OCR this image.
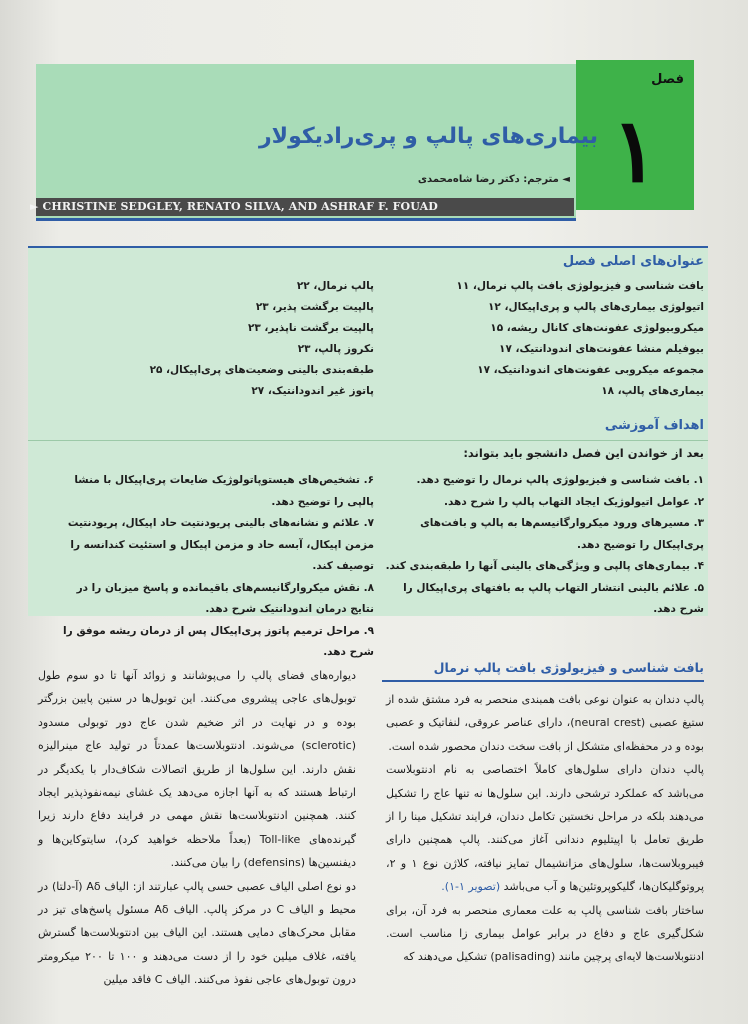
فصل
۱
بیماری‌های پالپ و پری‌رادیکولار
◄ مترجم: دکتر رضا شاه‌محمدی
► CHRISTINE SEDGLEY, RENATO SILVA, AND ASHRAF F. FOUAD
عنوان‌های اصلی فصل
بافت شناسی و فیزیولوژی بافت پالپ نرمال، ۱۱
اتیولوژی بیماری‌های پالپ و پری‌اپیکال، ۱۲
میکروبیولوژی عفونت‌های کانال ریشه، ۱۵
بیوفیلم منشا عفونت‌های اندودانتیک، ۱۷
مجموعه میکروبی عفونت‌های اندودانتیک، ۱۷
بیماری‌های پالپ، ۱۸
پالپ نرمال، ۲۲
پالپیت برگشت پذیر، ۲۳
پالپیت برگشت ناپذیر، ۲۳
نکروز پالپ، ۲۳
طبقه‌بندی بالینی وضعیت‌های پری‌اپیکال، ۲۵
پاتوز غیر اندودانتیک، ۲۷
اهداف آموزشی
بعد از خواندن این فصل دانشجو باید بتواند:

۱. بافت شناسی و فیزیولوژی پالپ نرمال را توضیح دهد.

۲. عوامل اتیولوژیک ایجاد التهاب پالپ را شرح دهد.

۳. مسیرهای ورود میکروارگانیسم‌ها به پالپ و بافت‌های پری‌اپیکال را توضیح دهد.

۴. بیماری‌های پالپی و ویژگی‌های بالینی آنها را طبقه‌بندی کند.

۵. علائم بالینی انتشار التهاب پالپ به بافتهای پری‌اپیکال را شرح دهد.

۶. تشخیص‌های هیستوپاتولوژیک ضایعات پری‌اپیکال با منشا پالپی را توضیح دهد.

۷. علائم و نشانه‌های بالینی پریودنتیت حاد اپیکال، پریودنتیت مزمن اپیکال، آبسه حاد و مزمن اپیکال و استئیت کندانسه را توصیف کند.

۸. نقش میکروارگانیسم‌های باقیمانده و پاسخ میزبان را در نتایج درمان اندودانتیک شرح دهد.

۹. مراحل ترمیم پاتوز پری‌اپیکال پس از درمان ریشه موفق را شرح دهد.

بافت شناسی و فیزیولوژی بافت پالپ نرمال

پالپ دندان به عنوان نوعی بافت همبندی منحصر به فرد مشتق شده از ستیغ عصبی (neural crest)، دارای عناصر عروقی، لنفاتیک و عصبی بوده و در محفظه‌ای متشکل از بافت سخت دندان محصور شده است.

پالپ دندان دارای سلول‌های کاملاً اختصاصی به نام ادنتوبلاست می‌باشد که عملکرد ترشحی دارند. این سلول‌ها نه تنها عاج را تشکیل می‌دهند بلکه در مراحل نخستین تکامل دندان، فرایند تشکیل مینا را از طریق تعامل با اپیتلیوم دندانی آغاز می‌کنند. پالپ همچنین دارای فیبروبلاست‌ها، سلول‌های مزانشیمال تمایز نیافته، کلاژن نوع ۱ و ۲، پروتوگلیکان‌ها، گلیکوپروتئین‌ها و آب می‌باشد (تصویر ۱-۱).

ساختار بافت شناسی پالپ به علت معماری منحصر به فرد آن، برای شکل‌گیری عاج و دفاع در برابر عوامل بیماری زا مناسب است. ادنتوبلاست‌ها لایه‌ای پرچین مانند (palisading) تشکیل می‌دهند که

دیواره‌های فضای پالپ را می‌پوشانند و زوائد آنها تا دو سوم طول توبول‌های عاجی پیشروی می‌کنند. این توبول‌ها در سنین پایین بزرگتر بوده و در نهایت در اثر ضخیم شدن عاج دور توبولی مسدود (sclerotic) می‌شوند. ادنتوبلاست‌ها عمدتاً در تولید عاج مینرالیزه نقش دارند. این سلول‌ها از طریق اتصالات شکاف‌دار با یکدیگر در ارتباط هستند که به آنها اجازه می‌دهد یک غشای نیمه‌نفوذپذیر ایجاد کنند. همچنین ادنتوبلاست‌ها نقش مهمی در فرایند دفاع دارند زیرا گیرنده‌های Toll-like (بعداً ملاحظه خواهید کرد)، سایتوکاین‌ها و دیفنسین‌ها (defensins) را بیان می‌کنند.

دو نوع اصلی الیاف عصبی حسی پالپ عبارتند از: الیاف Aδ (آ-دلتا) در محیط و الیاف C در مرکز پالپ. الیاف Aδ مسئول پاسخ‌های تیز در مقابل محرک‌های دمایی هستند. این الیاف بین ادنتوبلاست‌ها گسترش یافته، غلاف میلین خود را از دست می‌دهند و ۱۰۰ تا ۲۰۰ میکرومتر درون توبول‌های عاجی نفوذ می‌کنند. الیاف C فاقد میلین
